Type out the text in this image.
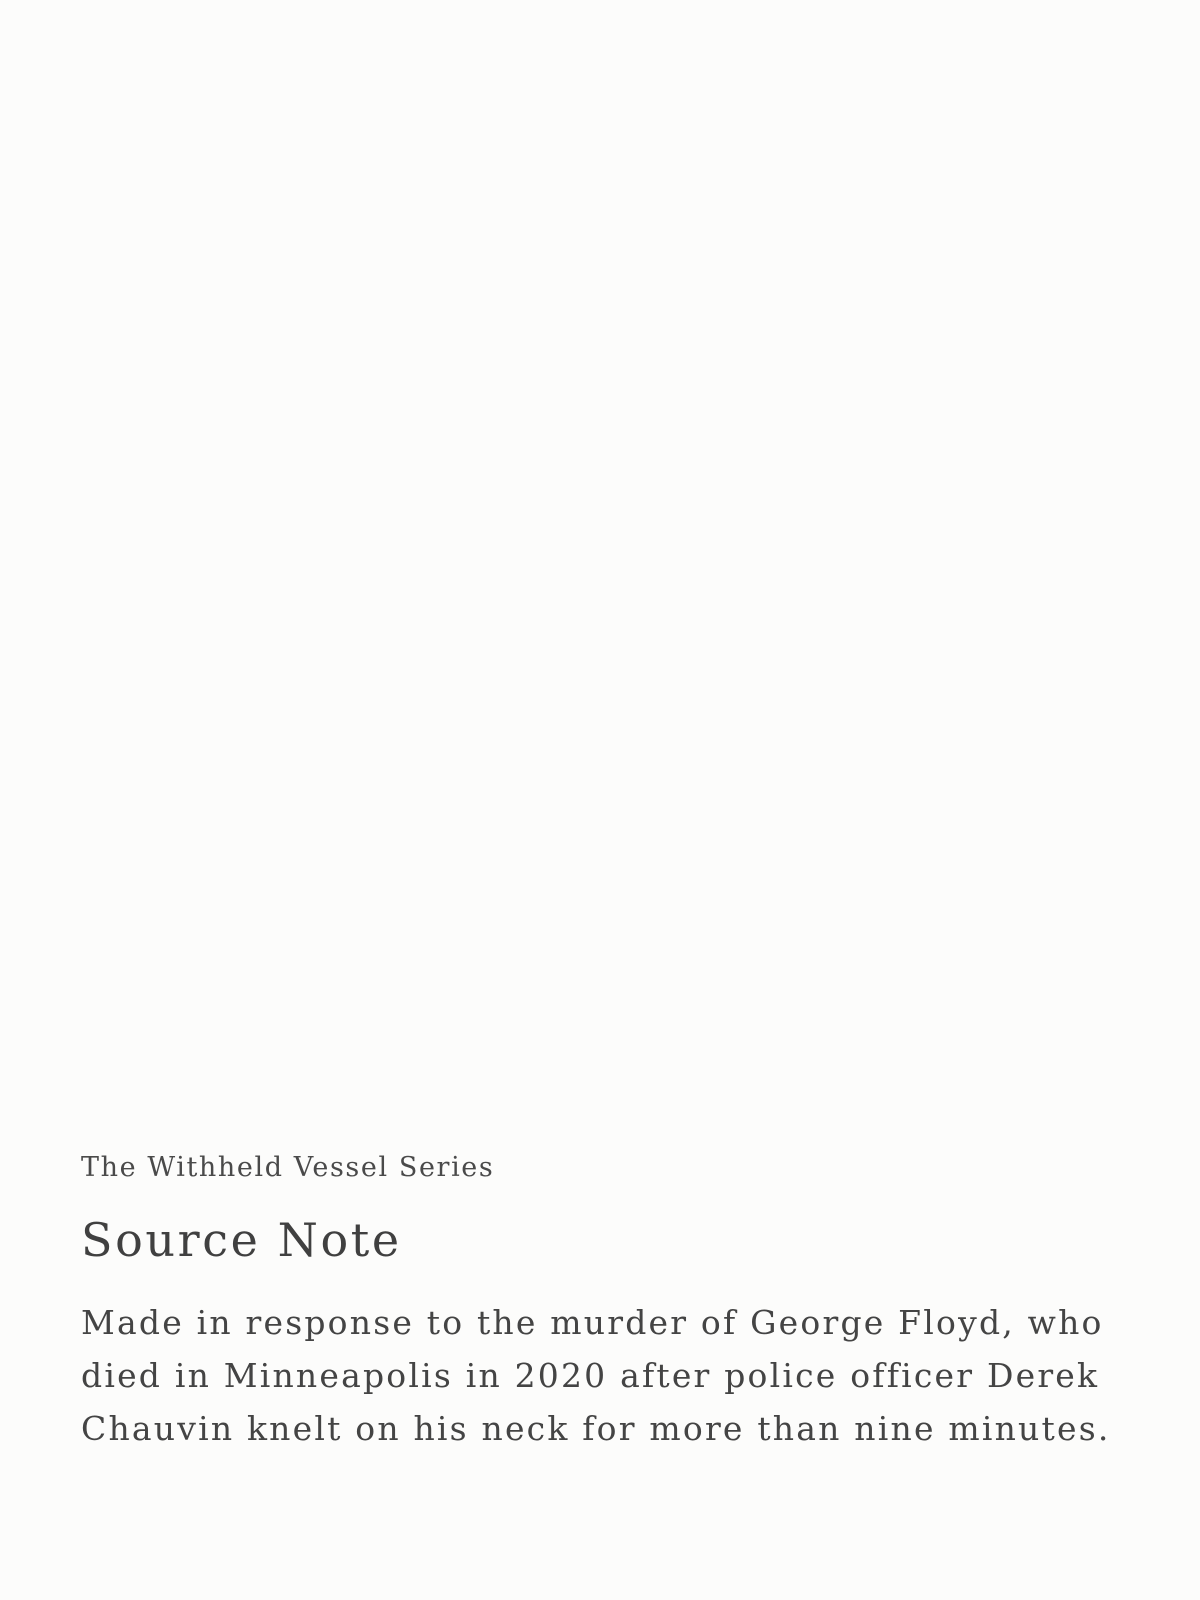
The Withheld Vessel Series

Source Note

Made in response to the murder of George Floyd, who
died in Minneapolis in 2020 after police officer Derek
Chauvin knelt on his neck for more than nine minutes.
